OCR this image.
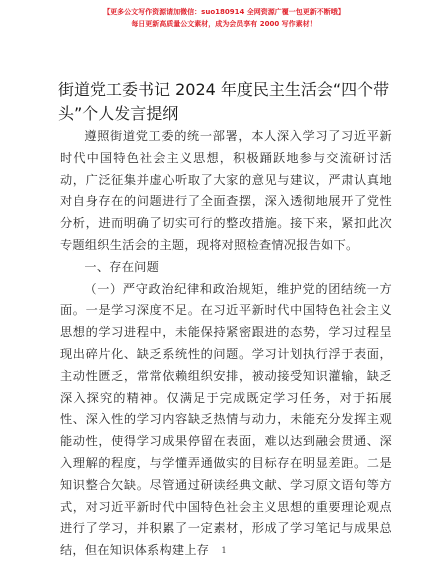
【更多公文写作资源请加微信：suo180914 全网资源广覆一包更新不断哦】
每日更新高质量公文素材，成为会员享有 2000 写作素材！
街道党工委书记 2024 年度民主生活会“四个带头”个人发言提纲

遵照街道党工委的统一部署，本人深入学习了习近平新时代中国特色社会主义思想，积极踊跃地参与交流研讨活动，广泛征集并虚心听取了大家的意见与建议，严肃认真地对自身存在的问题进行了全面查摆，深入透彻地展开了党性分析，进而明确了切实可行的整改措施。接下来，紧扣此次专题组织生活会的主题，现将对照检查情况报告如下。

一、存在问题

（一）严守政治纪律和政治规矩，维护党的团结统一方面。一是学习深度不足。在习近平新时代中国特色社会主义思想的学习进程中，未能保持紧密跟进的态势，学习过程呈现出碎片化、缺乏系统性的问题。学习计划执行浮于表面，主动性匮乏，常常依赖组织安排，被动接受知识灌输，缺乏深入探究的精神。仅满足于完成既定学习任务，对于拓展性、深入性的学习内容缺乏热情与动力，未能充分发挥主观能动性，使得学习成果停留在表面，难以达到融会贯通、深入理解的程度，与学懂弄通做实的目标存在明显差距。二是知识整合欠缺。尽管通过研读经典文献、学习原文语句等方式，对习近平新时代中国特色社会主义思想的重要理论观点进行了学习，并积累了一定素材，形成了学习笔记与成果总结，但在知识体系构建上存	1
